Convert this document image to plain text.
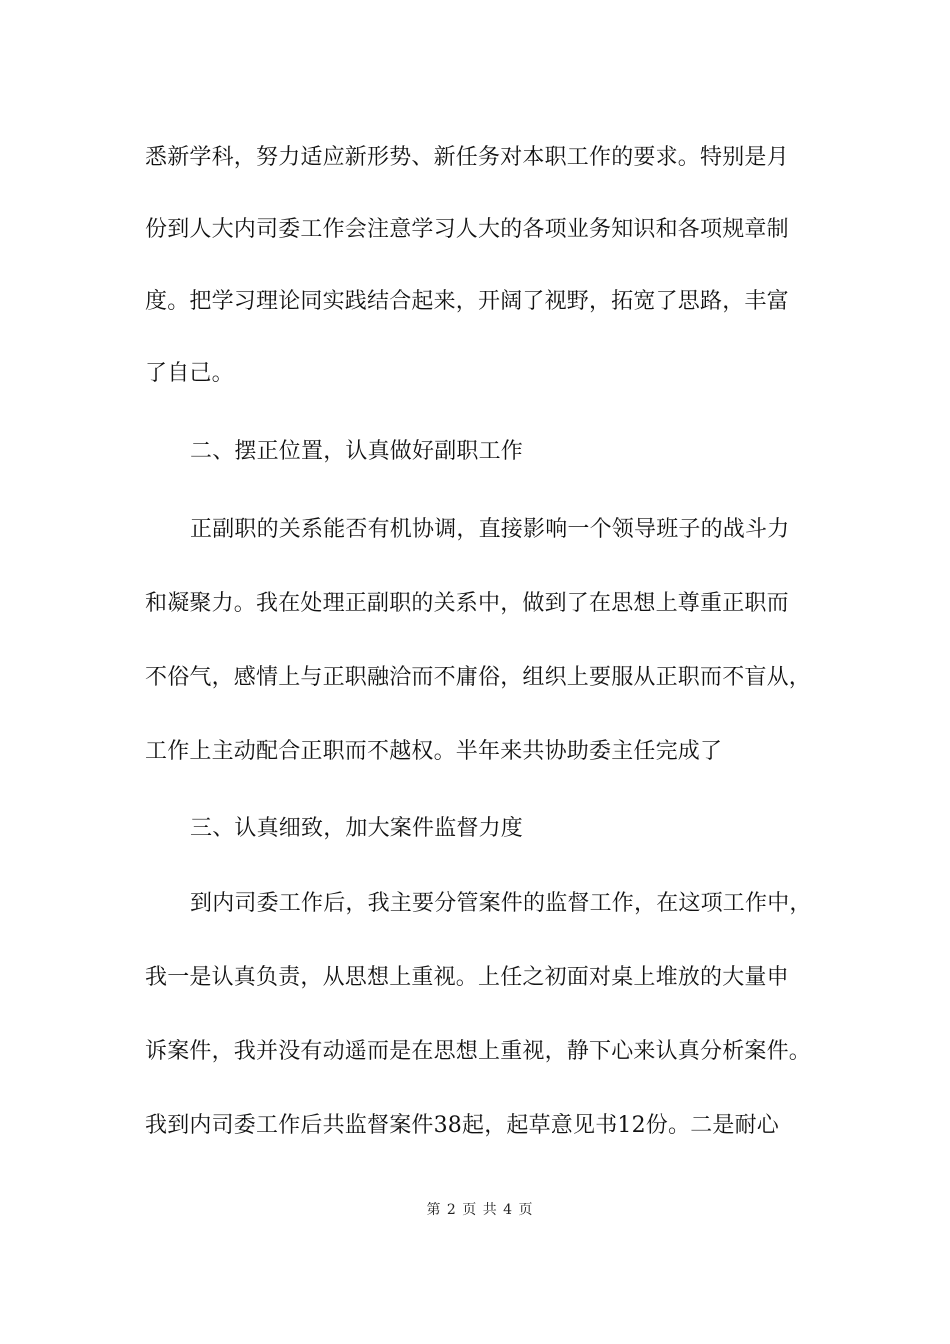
悉新学科，努力适应新形势、新任务对本职工作的要求。特别是月
份到人大内司委工作会注意学习人大的各项业务知识和各项规章制
度。把学习理论同实践结合起来，开阔了视野，拓宽了思路，丰富
了自己。
二、摆正位置，认真做好副职工作
正副职的关系能否有机协调，直接影响一个领导班子的战斗力
和凝聚力。我在处理正副职的关系中，做到了在思想上尊重正职而
不俗气，感情上与正职融洽而不庸俗，组织上要服从正职而不盲从，
工作上主动配合正职而不越权。半年来共协助委主任完成了
三、认真细致，加大案件监督力度
到内司委工作后，我主要分管案件的监督工作，在这项工作中，
我一是认真负责，从思想上重视。上任之初面对桌上堆放的大量申
诉案件，我并没有动遥而是在思想上重视，静下心来认真分析案件。
我到内司委工作后共监督案件38起，起草意见书12份。二是耐心
第 2 页 共 4 页
